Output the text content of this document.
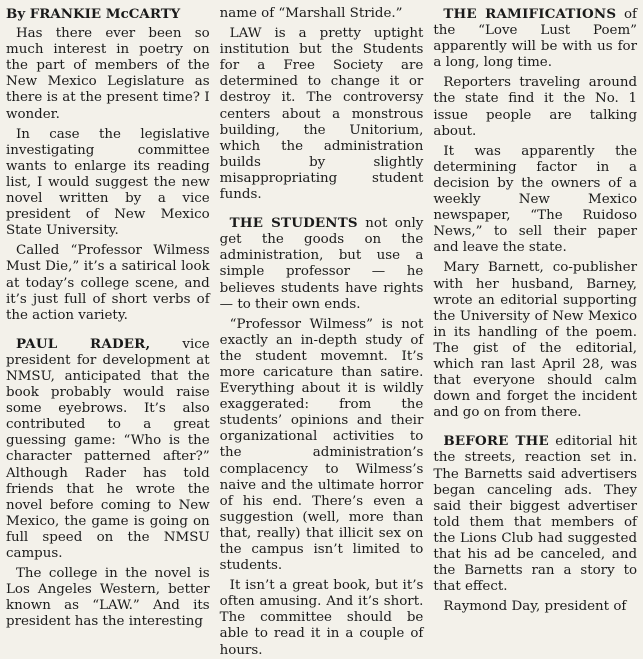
By FRANKIE McCARTY

Has there ever been so much interest in poetry on the part of members of the New Mexico Legislature as there is at the present time? I wonder.

In case the legislative investigating committee wants to enlarge its reading list, I would suggest the new novel written by a vice president of New Mexico State University.

Called “Professor Wilmess Must Die,” it’s a satirical look at today’s college scene, and it’s just full of short verbs of the action variety.

PAUL RADER, vice president for development at NMSU, anticipated that the book probably would raise some eyebrows. It’s also contributed to a great guessing game: “Who is the character patterned after?” Although Rader has told friends that he wrote the novel before coming to New Mexico, the game is going on full speed on the NMSU campus.

The college in the novel is Los Angeles Western, better known as “LAW.” And its president has the interesting

name of “Marshall Stride.”

LAW is a pretty uptight institution but the Students for a Free Society are determined to change it or destroy it. The controversy centers about a monstrous building, the Unitorium, which the administration builds by slightly misappropriating student funds.

THE STUDENTS not only get the goods on the administration, but use a simple professor — he believes students have rights — to their own ends.

“Professor Wilmess” is not exactly an in-depth study of the student movemnt. It’s more caricature than satire. Everything about it is wildly exaggerated: from the students’ opinions and their organizational activities to the administration’s complacency to Wilmess’s naive and the ultimate horror of his end. There’s even a suggestion (well, more than that, really) that illicit sex on the campus isn’t limited to students.

It isn’t a great book, but it’s often amusing. And it’s short. The committee should be able to read it in a couple of hours.

THE RAMIFICATIONS of the “Love Lust Poem” apparently will be with us for a long, long time.

Reporters traveling around the state find it the No. 1 issue people are talking about.

It was apparently the determining factor in a decision by the owners of a weekly New Mexico newspaper, “The Ruidoso News,” to sell their paper and leave the state.

Mary Barnett, co-publisher with her husband, Barney, wrote an editorial supporting the University of New Mexico in its handling of the poem. The gist of the editorial, which ran last April 28, was that everyone should calm down and forget the incident and go on from there.

BEFORE THE editorial hit the streets, reaction set in. The Barnetts said advertisers began canceling ads. They said their biggest advertiser told them that members of the Lions Club had suggested that his ad be canceled, and the Barnetts ran a story to that effect.

Raymond Day, president of
